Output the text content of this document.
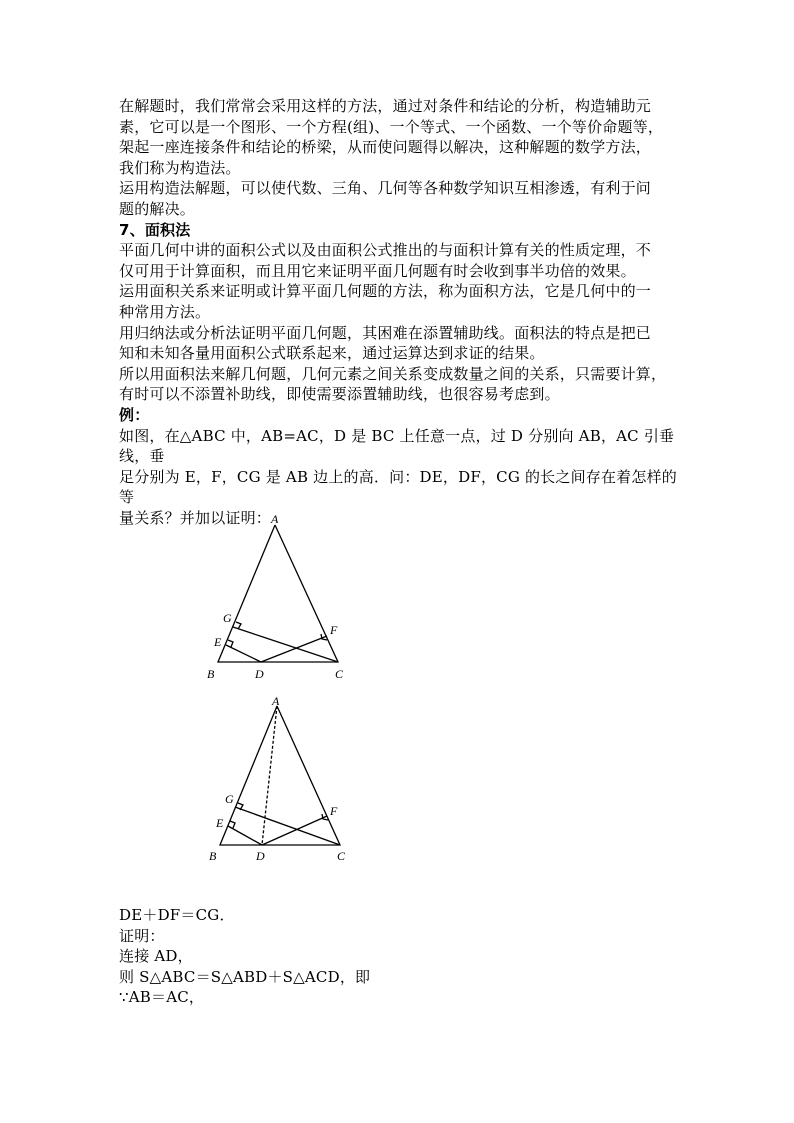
在解题时，我们常常会采用这样的方法，通过对条件和结论的分析，构造辅助元

素，它可以是一个图形、一个方程(组)、一个等式、一个函数、一个等价命题等，

架起一座连接条件和结论的桥梁，从而使问题得以解决，这种解题的数学方法，

我们称为构造法。

运用构造法解题，可以使代数、三角、几何等各种数学知识互相渗透，有利于问

题的解决。

7、面积法

平面几何中讲的面积公式以及由面积公式推出的与面积计算有关的性质定理，不

仅可用于计算面积，而且用它来证明平面几何题有时会收到事半功倍的效果。

运用面积关系来证明或计算平面几何题的方法，称为面积方法，它是几何中的一

种常用方法。

用归纳法或分析法证明平面几何题，其困难在添置辅助线。面积法的特点是把已

知和未知各量用面积公式联系起来，通过运算达到求证的结果。

所以用面积法来解几何题，几何元素之间关系变成数量之间的关系，只需要计算，

有时可以不添置补助线，即使需要添置辅助线，也很容易考虑到。

例：

如图，在△ABC 中，AB=AC，D 是 BC 上任意一点，过 D 分别向 AB，AC 引垂线，垂

足分别为 E，F，CG 是 AB 边上的高．问：DE，DF，CG 的长之间存在着怎样的等

量关系？并加以证明： A
B	C
D
E
F
G
A
B	C
D
E
F
G

DE＋DF＝CG．

证明：

连接 AD，

则 S△ABC＝S△ABD＋S△ACD，即

∵AB＝AC，
